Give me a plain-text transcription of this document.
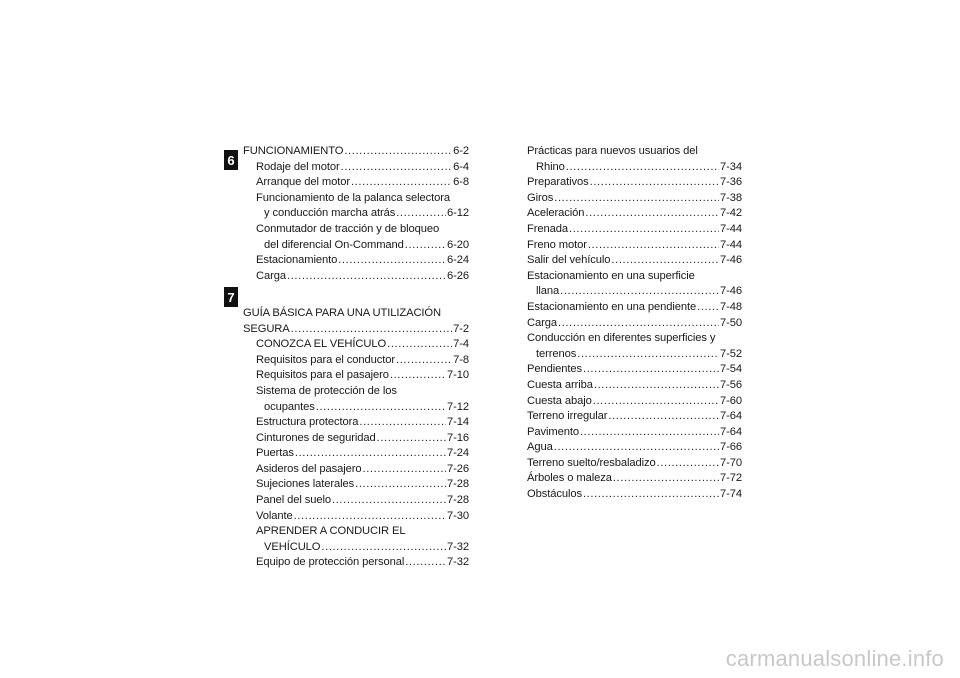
6
7
FUNCIONAMIENTO .....	6-2
Rodaje del motor .....	6-4
Arranque del motor .....	6-8
Funcionamiento de la palanca selectora
y conducción marcha atrás .....	6-12
Conmutador de tracción y de bloqueo
del diferencial On-Command .....	6-20
Estacionamiento .....	6-24
Carga .....	6-26
GUÍA BÁSICA PARA UNA UTILIZACIÓN
SEGURA .....	7-2
CONOZCA EL VEHÍCULO .....	7-4
Requisitos para el conductor .....	7-8
Requisitos para el pasajero .....	7-10
Sistema de protección de los
ocupantes .....	7-12
Estructura protectora .....	7-14
Cinturones de seguridad .....	7-16
Puertas .....	7-24
Asideros del pasajero .....	7-26
Sujeciones laterales .....	7-28
Panel del suelo .....	7-28
Volante .....	7-30
APRENDER A CONDUCIR EL
VEHÍCULO .....	7-32
Equipo de protección personal .....	7-32
Prácticas para nuevos usuarios del
Rhino .....	7-34
Preparativos .....	7-36
Giros .....	7-38
Aceleración .....	7-42
Frenada .....	7-44
Freno motor .....	7-44
Salir del vehículo .....	7-46
Estacionamiento en una superficie
llana .....	7-46
Estacionamiento en una pendiente ..... 7-48
Carga .....	7-50
Conducción en diferentes superficies y
terrenos .....	7-52
Pendientes .....	7-54
Cuesta arriba .....	7-56
Cuesta abajo .....	7-60
Terreno irregular .....	7-64
Pavimento .....	7-64
Agua .....	7-66
Terreno suelto/resbaladizo .....	7-70
Árboles o maleza .....	7-72
Obstáculos .....	7-74
carmanualsonline.info
